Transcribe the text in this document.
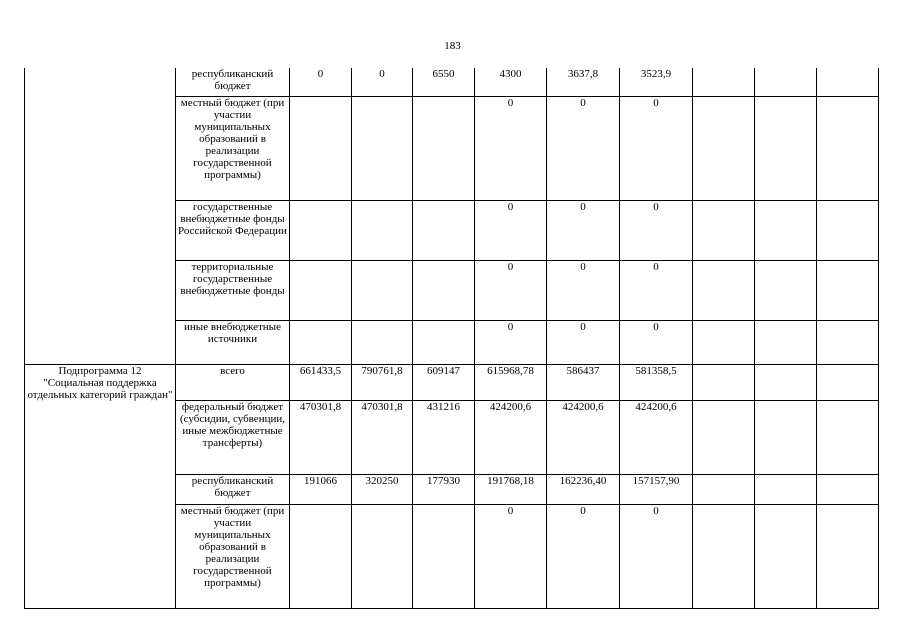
183
	республиканский бюджет	0	0	6550	4300	3637,8	3523,9			
	местный бюджет (при участии муниципальных образований в реализации государственной программы)				0	0	0			
	государственные внебюджетные фонды Российской Федерации				0	0	0			
	территориальные государственные внебюджетные фонды				0	0	0			
	иные внебюджетные источники				0	0	0			
Подпрограмма 12 "Социальная поддержка отдельных категорий граждан"	всего	661433,5	790761,8	609147	615968,78	586437	581358,5			
	федеральный бюджет (субсидии, субвенции, иные межбюджетные трансферты)	470301,8	470301,8	431216	424200,6	424200,6	424200,6			
	республиканский бюджет	191066	320250	177930	191768,18	162236,40	157157,90			
	местный бюджет (при участии муниципальных образований в реализации государственной программы)				0	0	0			
